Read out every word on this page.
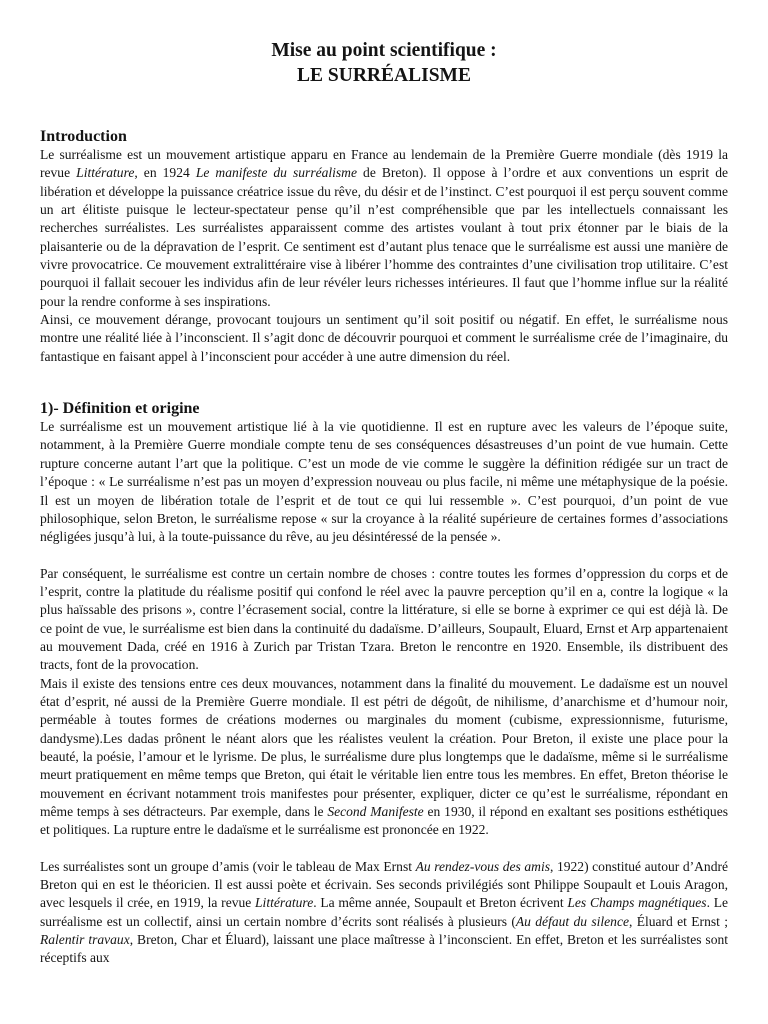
Mise au point scientifique :
LE SURRÉALISME
Introduction

Le surréalisme est un mouvement artistique apparu en France au lendemain de la Première Guerre mondiale (dès 1919 la revue Littérature, en 1924 Le manifeste du surréalisme de Breton). Il oppose à l’ordre et aux conventions un esprit de libération et développe la puissance créatrice issue du rêve, du désir et de l’instinct. C’est pourquoi il est perçu souvent comme un art élitiste puisque le lecteur-spectateur pense qu’il n’est compréhensible que par les intellectuels connaissant les recherches surréalistes. Les surréalistes apparaissent comme des artistes voulant à tout prix étonner par le biais de la plaisanterie ou de la dépravation de l’esprit. Ce sentiment est d’autant plus tenace que le surréalisme est aussi une manière de vivre provocatrice. Ce mouvement extralittéraire vise à libérer l’homme des contraintes d’une civilisation trop utilitaire. C’est pourquoi il fallait secouer les individus afin de leur révéler leurs richesses intérieures. Il faut que l’homme influe sur la réalité pour la rendre conforme à ses inspirations.

Ainsi, ce mouvement dérange, provocant toujours un sentiment qu’il soit positif ou négatif. En effet, le surréalisme nous montre une réalité liée à l’inconscient. Il s’agit donc de découvrir pourquoi et comment le surréalisme crée de l’imaginaire, du fantastique en faisant appel à l’inconscient pour accéder à une autre dimension du réel.

1)- Définition et origine

Le surréalisme est un mouvement artistique lié à la vie quotidienne. Il est en rupture avec les valeurs de l’époque suite, notamment, à la Première Guerre mondiale compte tenu de ses conséquences désastreuses d’un point de vue humain. Cette rupture concerne autant l’art que la politique. C’est un mode de vie comme le suggère la définition rédigée sur un tract de l’époque : « Le surréalisme n’est pas un moyen d’expression nouveau ou plus facile, ni même une métaphysique de la poésie. Il est un moyen de libération totale de l’esprit et de tout ce qui lui ressemble ». C’est pourquoi, d’un point de vue philosophique, selon Breton, le surréalisme repose « sur la croyance à la réalité supérieure de certaines formes d’associations négligées jusqu’à lui, à la toute-puissance du rêve, au jeu désintéressé de la pensée ».

Par conséquent, le surréalisme est contre un certain nombre de choses : contre toutes les formes d’oppression du corps et de l’esprit, contre la platitude du réalisme positif qui confond le réel avec la pauvre perception qu’il en a, contre la logique « la plus haïssable des prisons », contre l’écrasement social, contre la littérature, si elle se borne à exprimer ce qui est déjà là. De ce point de vue, le surréalisme est bien dans la continuité du dadaïsme. D’ailleurs, Soupault, Eluard, Ernst et Arp appartenaient au mouvement Dada, créé en 1916 à Zurich par Tristan Tzara. Breton le rencontre en 1920. Ensemble, ils distribuent des tracts, font de la provocation.

Mais il existe des tensions entre ces deux mouvances, notamment dans la finalité du mouvement. Le dadaïsme est un nouvel état d’esprit, né aussi de la Première Guerre mondiale. Il est pétri de dégoût, de nihilisme, d’anarchisme et d’humour noir, perméable à toutes formes de créations modernes ou marginales du moment (cubisme, expressionnisme, futurisme, dandysme).Les dadas prônent le néant alors que les réalistes veulent la création. Pour Breton, il existe une place pour la beauté, la poésie, l’amour et le lyrisme. De plus, le surréalisme dure plus longtemps que le dadaïsme, même si le surréalisme meurt pratiquement en même temps que Breton, qui était le véritable lien entre tous les membres. En effet, Breton théorise le mouvement en écrivant notamment trois manifestes pour présenter, expliquer, dicter ce qu’est le surréalisme, répondant en même temps à ses détracteurs. Par exemple, dans le Second Manifeste en 1930, il répond en exaltant ses positions esthétiques et politiques. La rupture entre le dadaïsme et le surréalisme est prononcée en 1922.

Les surréalistes sont un groupe d’amis (voir le tableau de Max Ernst Au rendez-vous des amis, 1922) constitué autour d’André Breton qui en est le théoricien. Il est aussi poète et écrivain. Ses seconds privilégiés sont Philippe Soupault et Louis Aragon, avec lesquels il crée, en 1919, la revue Littérature. La même année, Soupault et Breton écrivent Les Champs magnétiques. Le surréalisme est un collectif, ainsi un certain nombre d’écrits sont réalisés à plusieurs (Au défaut du silence, Éluard et Ernst ; Ralentir travaux, Breton, Char et Éluard), laissant une place maîtresse à l’inconscient. En effet, Breton et les surréalistes sont réceptifs aux
